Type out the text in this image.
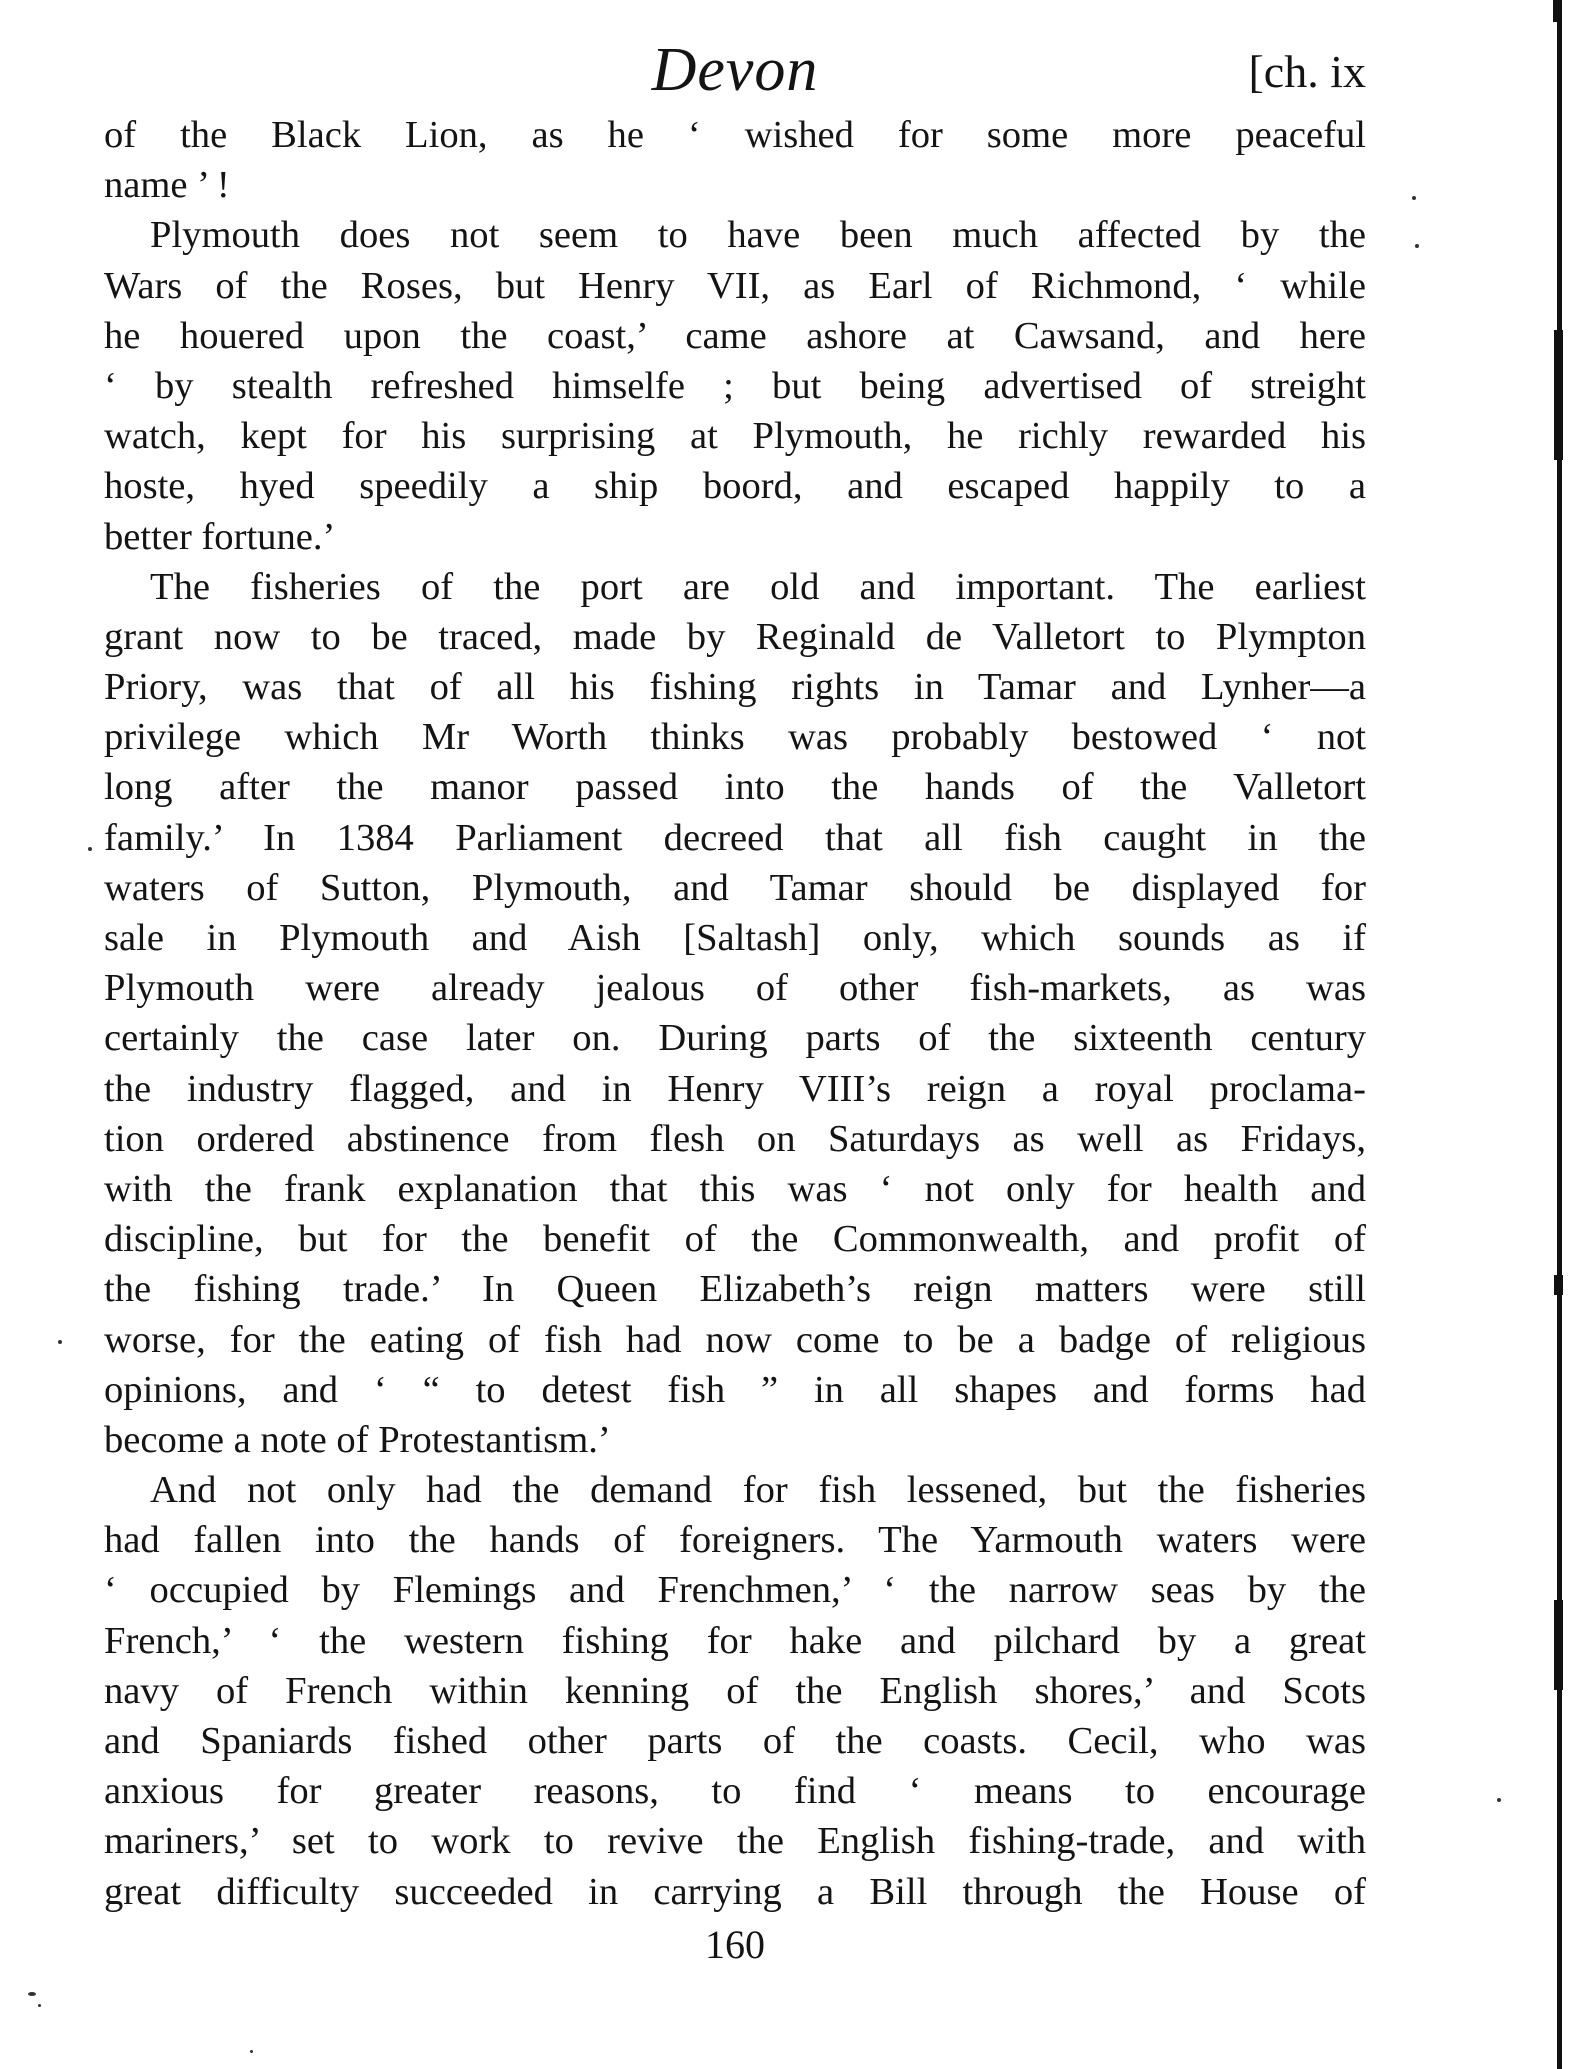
Devon	[ch. ix
of the Black Lion, as he ‘ wished for some more peaceful
name ’ !
Plymouth does not seem to have been much affected by the
Wars of the Roses, but Henry VII, as Earl of Richmond, ‘ while
he houered upon the coast,’ came ashore at Cawsand, and here
‘ by stealth refreshed himselfe ; but being advertised of streight
watch, kept for his surprising at Plymouth, he richly rewarded his
hoste, hyed speedily a ship boord, and escaped happily to a
better fortune.’
The fisheries of the port are old and important. The earliest
grant now to be traced, made by Reginald de Valletort to Plympton
Priory, was that of all his fishing rights in Tamar and Lynher—a
privilege which Mr Worth thinks was probably bestowed ‘ not
long after the manor passed into the hands of the Valletort
family.’ In 1384 Parliament decreed that all fish caught in the
waters of Sutton, Plymouth, and Tamar should be displayed for
sale in Plymouth and Aish [Saltash] only, which sounds as if
Plymouth were already jealous of other fish-markets, as was
certainly the case later on. During parts of the sixteenth century
the industry flagged, and in Henry VIII’s reign a royal proclama-
tion ordered abstinence from flesh on Saturdays as well as Fridays,
with the frank explanation that this was ‘ not only for health and
discipline, but for the benefit of the Commonwealth, and profit of
the fishing trade.’ In Queen Elizabeth’s reign matters were still
worse, for the eating of fish had now come to be a badge of religious
opinions, and ‘ “ to detest fish ” in all shapes and forms had
become a note of Protestantism.’
And not only had the demand for fish lessened, but the fisheries
had fallen into the hands of foreigners. The Yarmouth waters were
‘ occupied by Flemings and Frenchmen,’ ‘ the narrow seas by the
French,’ ‘ the western fishing for hake and pilchard by a great
navy of French within kenning of the English shores,’ and Scots
and Spaniards fished other parts of the coasts. Cecil, who was
anxious for greater reasons, to find ‘ means to encourage
mariners,’ set to work to revive the English fishing-trade, and with
great difficulty succeeded in carrying a Bill through the House of
160
